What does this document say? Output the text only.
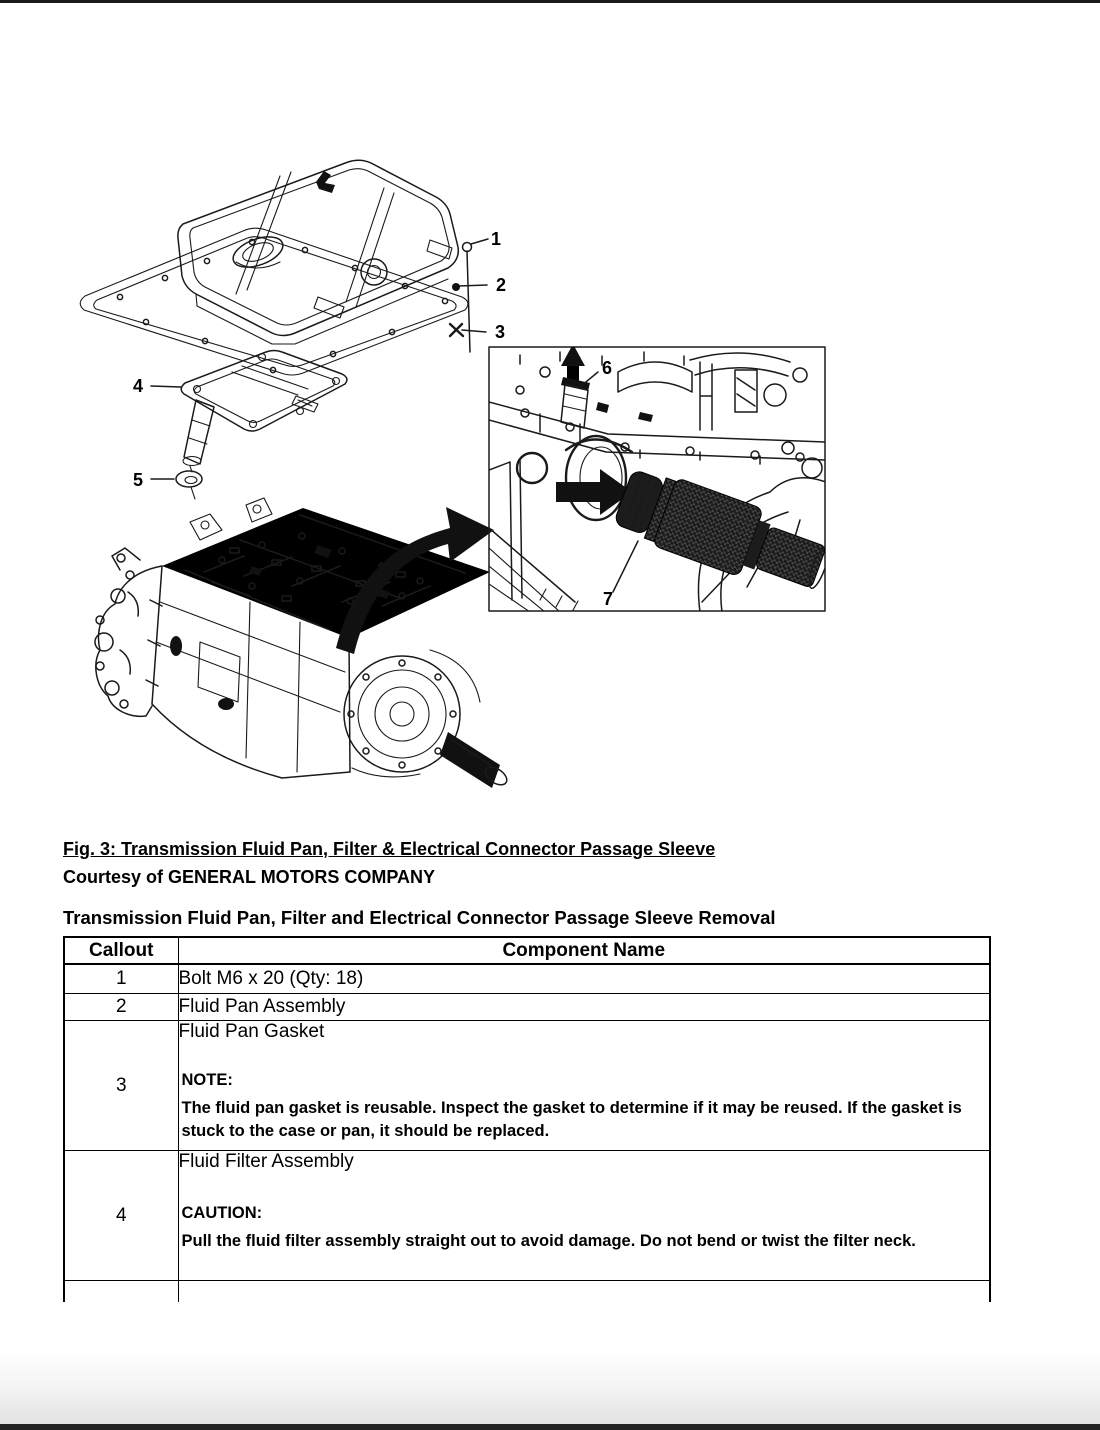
1
2
3
4
5
6
7
Fig. 3: Transmission Fluid Pan, Filter & Electrical Connector Passage Sleeve
Courtesy of GENERAL MOTORS COMPANY
Transmission Fluid Pan, Filter and Electrical Connector Passage Sleeve Removal
Callout	Component Name
1	Bolt M6 x 20 (Qty: 18)
2	Fluid Pan Assembly
3	Fluid Pan Gasket
NOTE:
The fluid pan gasket is reusable. Inspect the gasket to determine if it may be reused. If the gasket is stuck to the case or pan, it should be replaced.

4	Fluid Filter Assembly
CAUTION:
Pull the fluid filter assembly straight out to avoid damage. Do not bend or twist the filter neck.
